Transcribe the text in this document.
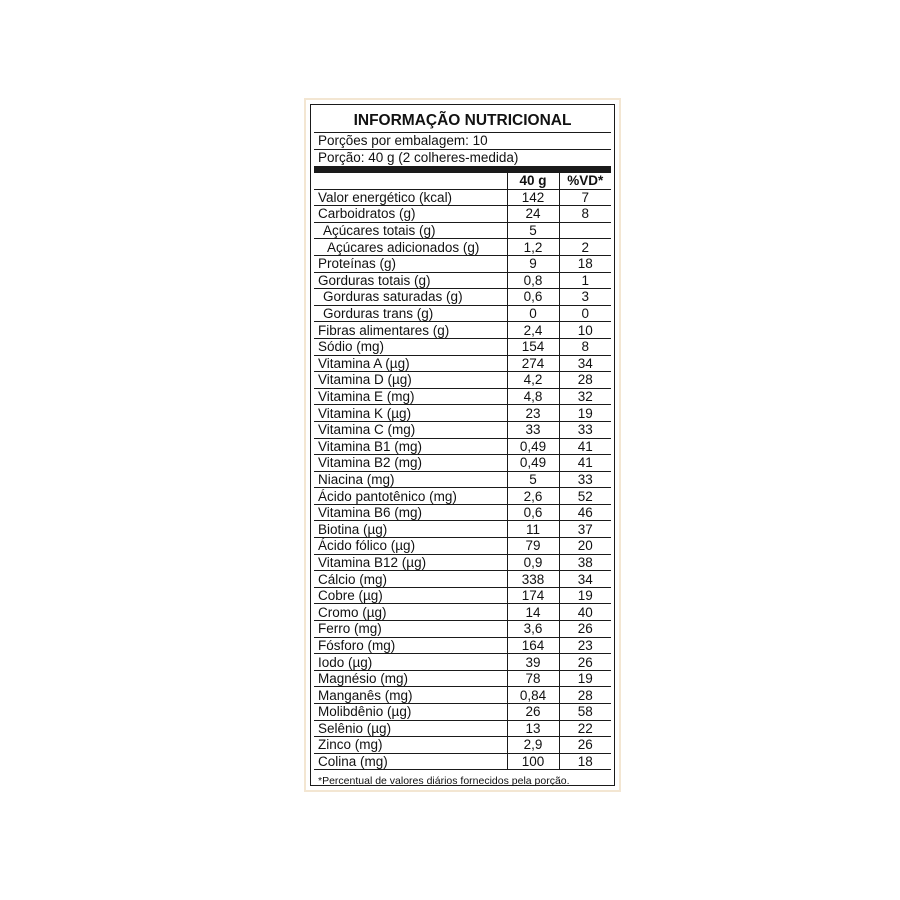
INFORMAÇÃO NUTRICIONAL
Porções por embalagem: 10
Porção: 40 g (2 colheres-medida)
	40 g	%VD*
Valor energético (kcal)	142	7
Carboidratos (g)	24	8
Açúcares totais (g)	5	
Açúcares adicionados (g)	1,2	2
Proteínas (g)	9	18
Gorduras totais (g)	0,8	1
Gorduras saturadas (g)	0,6	3
Gorduras trans (g)	0	0
Fibras alimentares (g)	2,4	10
Sódio (mg)	154	8
Vitamina A (µg)	274	34
Vitamina D (µg)	4,2	28
Vitamina E (mg)	4,8	32
Vitamina K (µg)	23	19
Vitamina C (mg)	33	33
Vitamina B1 (mg)	0,49	41
Vitamina B2 (mg)	0,49	41
Niacina (mg)	5	33
Ácido pantotênico (mg)	2,6	52
Vitamina B6 (mg)	0,6	46
Biotina (µg)	11	37
Ácido fólico (µg)	79	20
Vitamina B12 (µg)	0,9	38
Cálcio (mg)	338	34
Cobre (µg)	174	19
Cromo (µg)	14	40
Ferro (mg)	3,6	26
Fósforo (mg)	164	23
Iodo (µg)	39	26
Magnésio (mg)	78	19
Manganês (mg)	0,84	28
Molibdênio (µg)	26	58
Selênio (µg)	13	22
Zinco (mg)	2,9	26
Colina (mg)	100	18
*Percentual de valores diários fornecidos pela porção.
